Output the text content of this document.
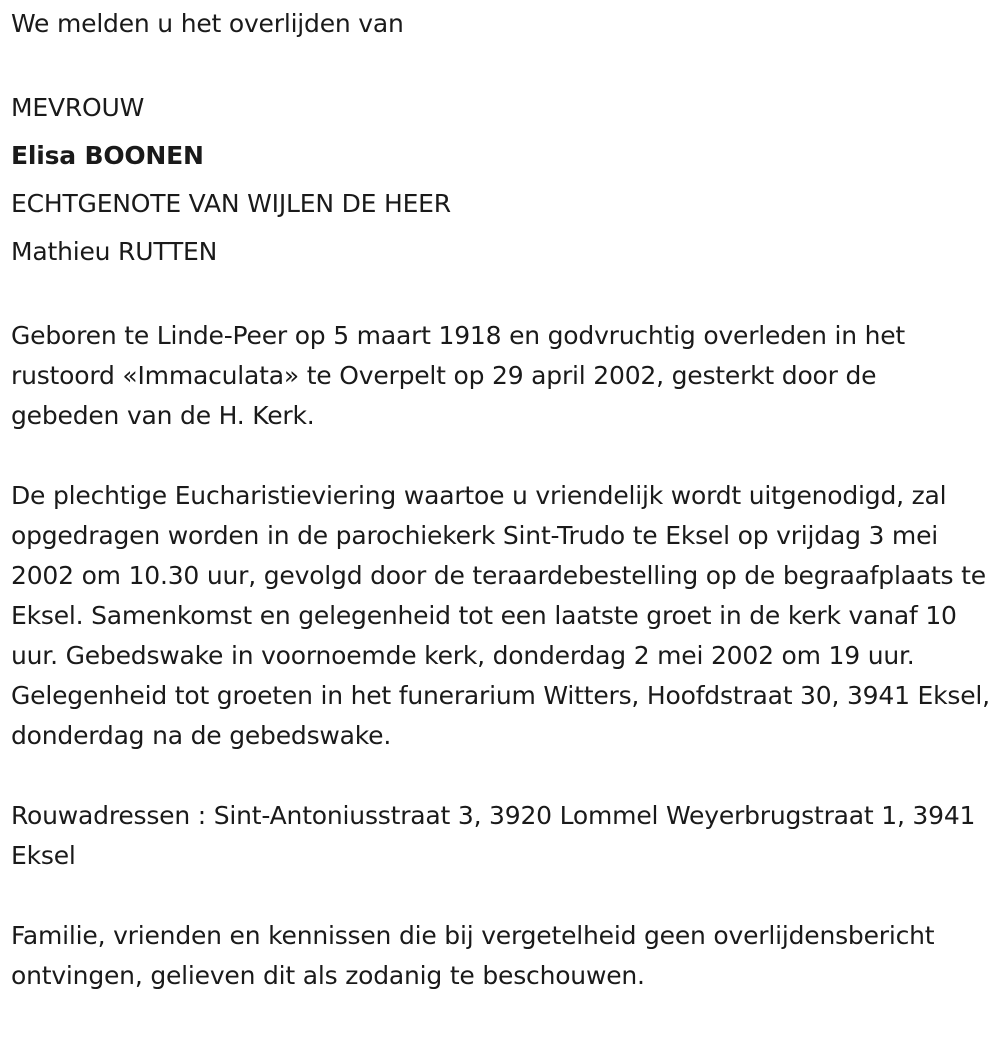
We melden u het overlijden van

MEVROUW

Elisa BOONEN

ECHTGENOTE VAN WIJLEN DE HEER

Mathieu RUTTEN

Geboren te Linde-Peer op 5 maart 1918 en godvruchtig overleden in het rustoord «Immaculata» te Overpelt op 29 april 2002, gesterkt door de gebeden van de H. Kerk.

De plechtige Eucharistieviering waartoe u vriendelijk wordt uitgenodigd, zal opgedragen worden in de parochiekerk Sint-Trudo te Eksel op vrijdag 3 mei 2002 om 10.30 uur, gevolgd door de teraardebestelling op de begraafplaats te Eksel. Samenkomst en gelegenheid tot een laatste groet in de kerk vanaf 10 uur. Gebedswake in voornoemde kerk, donderdag 2 mei 2002 om 19 uur. Gelegenheid tot groeten in het funerarium Witters, Hoofdstraat 30, 3941 Eksel, donderdag na de gebedswake.

Rouwadressen : Sint-Antoniusstraat 3, 3920 Lommel Weyerbrugstraat 1, 3941 Eksel

Familie, vrienden en kennissen die bij vergetelheid geen overlijdensbericht ontvingen, gelieven dit als zodanig te beschouwen.
